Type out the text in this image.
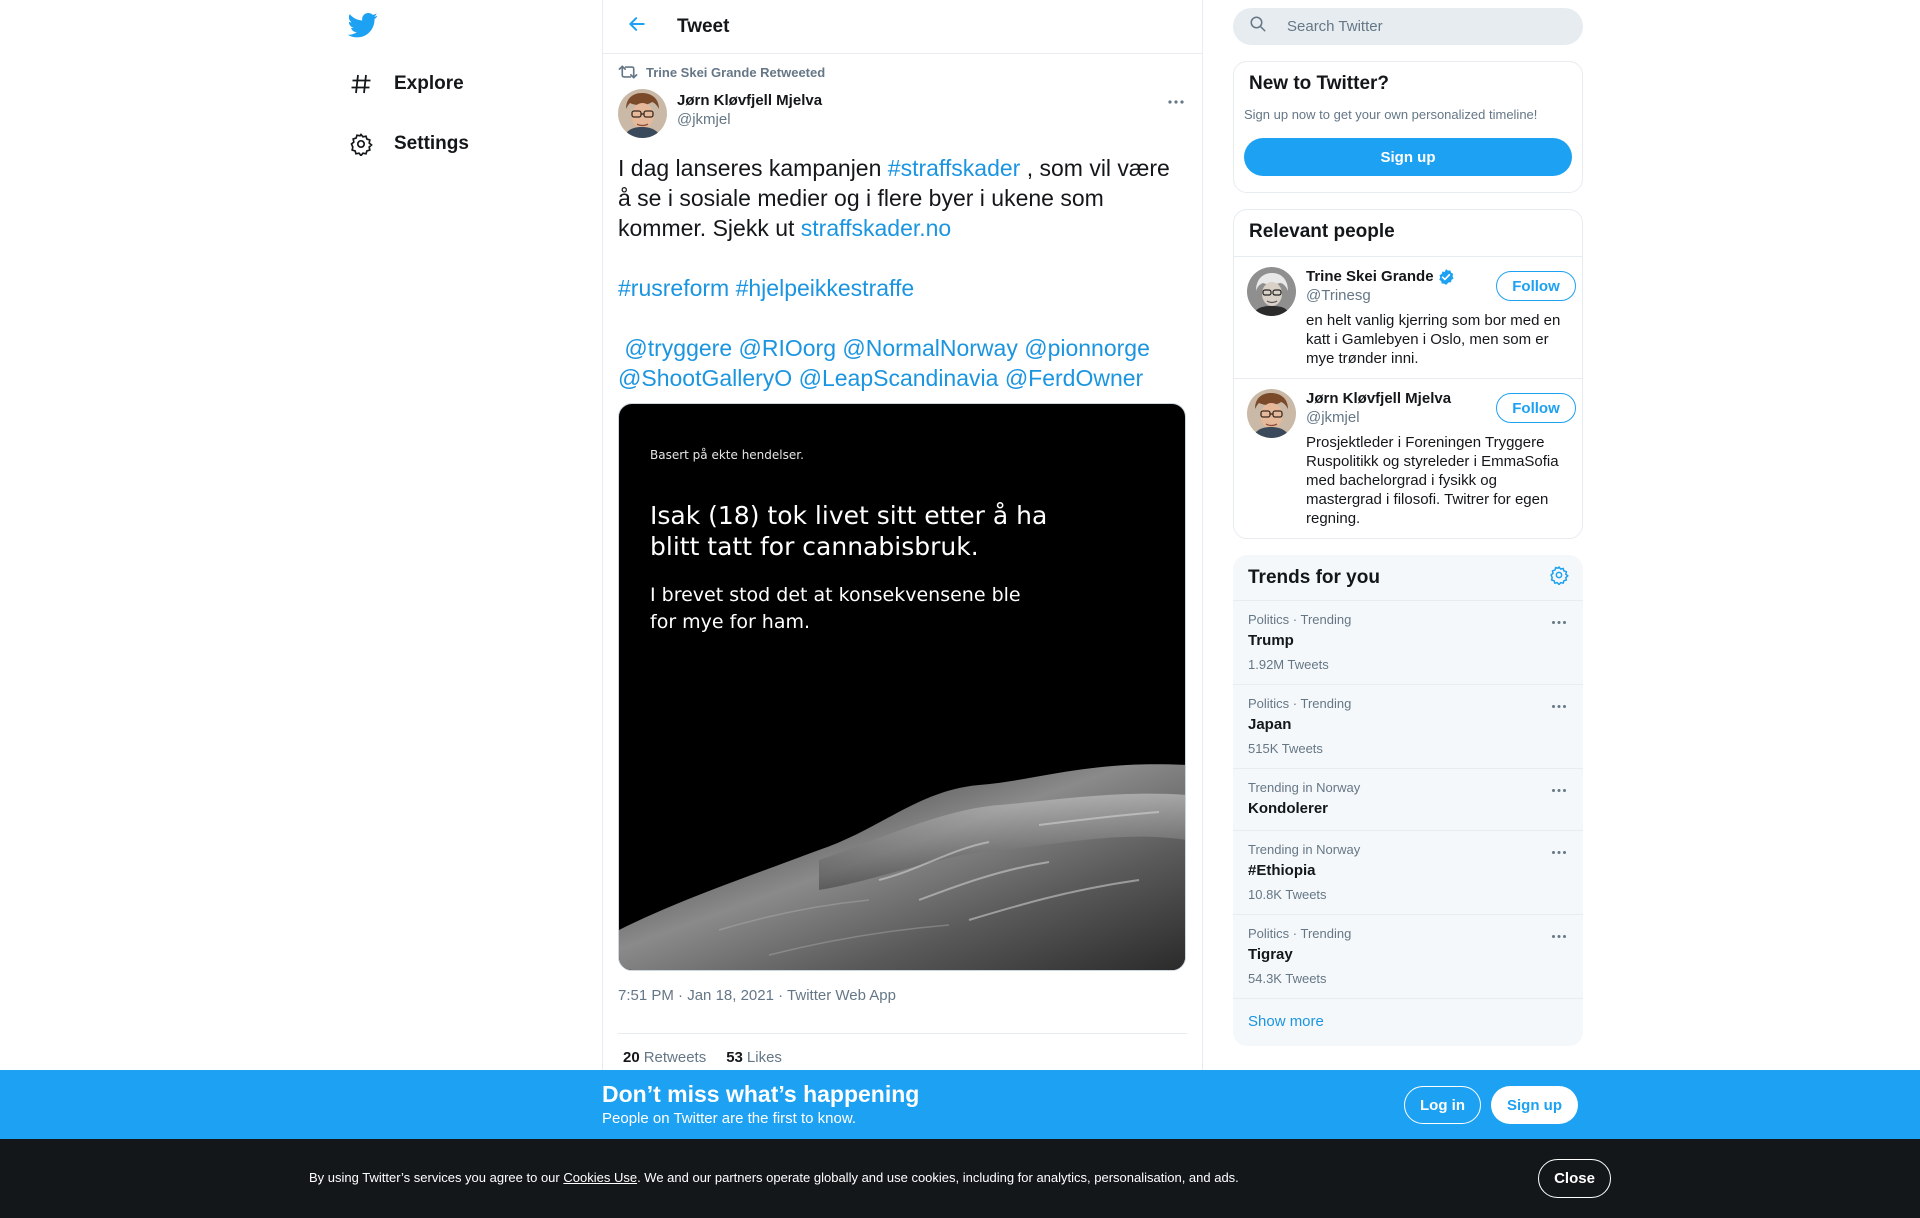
Explore
Settings
Tweet
Trine Skei Grande Retweeted
Jørn Kløvfjell Mjelva
@jkmjel
I dag lanseres kampanjen #straffskader , som vil være å se i sosiale medier og i flere byer i ukene som kommer. Sjekk ut straffskader.no
#rusreform #hjelpeikkestraffe
@tryggere @RIOorg @NormalNorway @pionnorge @ShootGalleryO @LeapScandinavia @FerdOwner
Basert på ekte hendelser.
Isak (18) tok livet sitt etter å ha blitt tatt for cannabisbruk.
I brevet stod det at konsekvensene ble for mye for ham.
7:51 PM · Jan 18, 2021 · Twitter Web App
20 Retweets 53 Likes
Search Twitter
New to Twitter?
Sign up now to get your own personalized timeline!
Sign up
Relevant people
Trine Skei Grande
@Trinesg
en helt vanlig kjerring som bor med en katt i Gamlebyen i Oslo, men som er mye trønder inni.
Follow
Jørn Kløvfjell Mjelva
@jkmjel
Prosjektleder i Foreningen Tryggere Ruspolitikk og styreleder i EmmaSofia med bachelorgrad i fysikk og mastergrad i filosofi. Twitrer for egen regning.
Follow
Trends for you
Politics · Trending
Trump
1.92M Tweets
Politics · Trending
Japan
515K Tweets
Trending in Norway
Kondolerer
Trending in Norway
#Ethiopia
10.8K Tweets
Politics · Trending
Tigray
54.3K Tweets
Show more
Don’t miss what’s happening
People on Twitter are the first to know.
Log in	Sign up
By using Twitter’s services you agree to our Cookies Use. We and our partners operate globally and use cookies, including for analytics, personalisation, and ads.	Close
